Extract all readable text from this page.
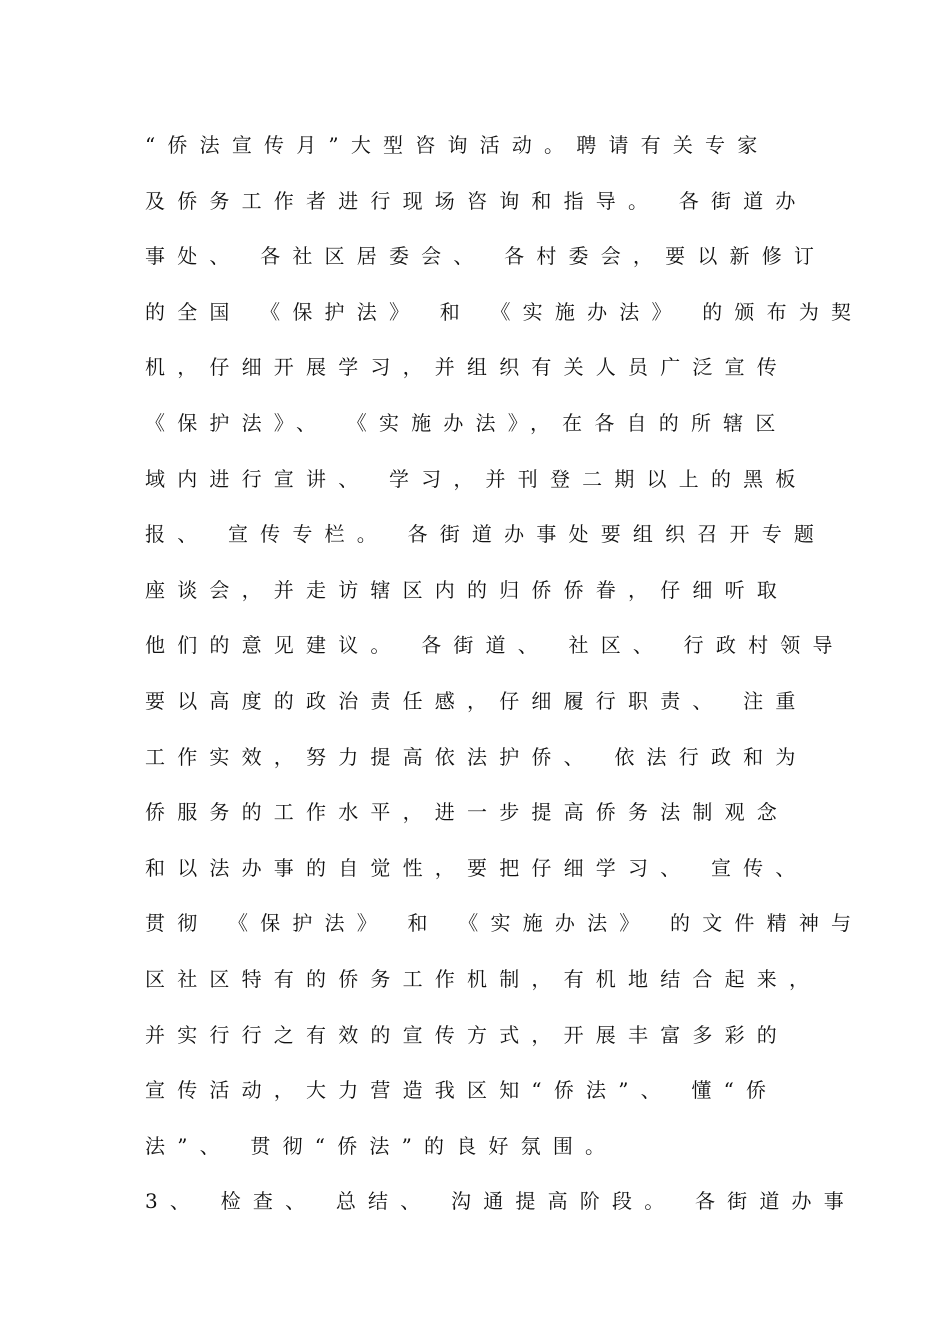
“侨法宣传月”大型咨询活动。聘请有关专家
及侨务工作者进行现场咨询和指导。 各街道办
事处、 各社区居委会、 各村委会，要以新修订
的全国 《保护法》 和 《实施办法》 的颁布为契
机，仔细开展学习，并组织有关人员广泛宣传
《保护法》、 《实施办法》，在各自的所辖区
域内进行宣讲、 学习，并刊登二期以上的黑板
报、 宣传专栏。 各街道办事处要组织召开专题
座谈会，并走访辖区内的归侨侨眷，仔细听取
他们的意见建议。 各街道、 社区、 行政村领导
要以高度的政治责任感，仔细履行职责、 注重
工作实效，努力提高依法护侨、 依法行政和为
侨服务的工作水平，进一步提高侨务法制观念
和以法办事的自觉性，要把仔细学习、 宣传、
贯彻 《保护法》 和 《实施办法》 的文件精神与
区社区特有的侨务工作机制，有机地结合起来，
并实行行之有效的宣传方式，开展丰富多彩的
宣传活动，大力营造我区知“侨法”、 懂“侨
法”、 贯彻“侨法”的良好氛围。
3、 检查、 总结、 沟通提高阶段。 各街道办事
